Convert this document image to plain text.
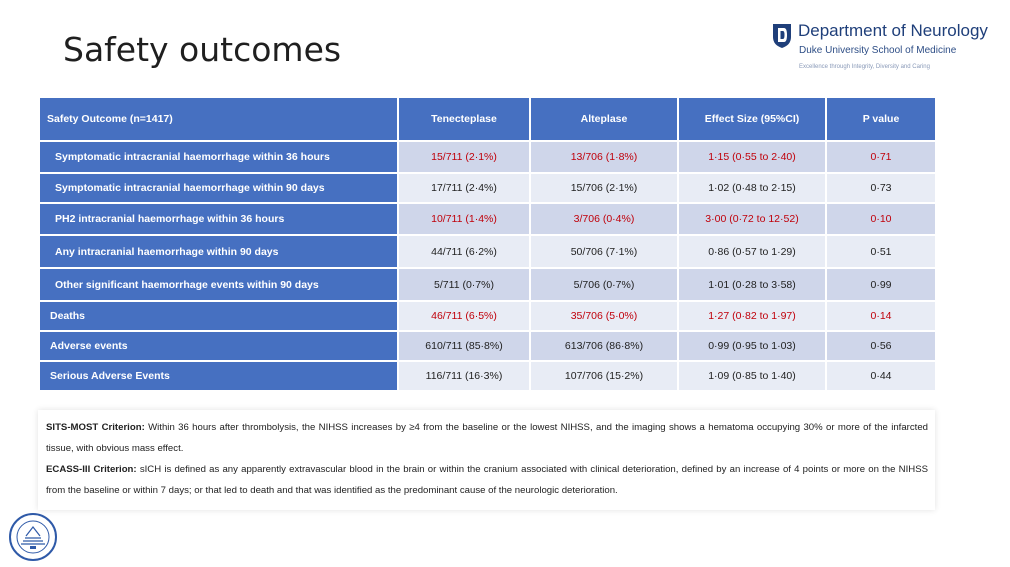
Safety outcomes	Department of Neurology
Duke University School of Medicine
Excellence through Integrity, Diversity and Caring
Safety Outcome (n=1417)	Tenecteplase	Alteplase	Effect Size (95%CI)	P value
Symptomatic intracranial haemorrhage within 36 hours	15/711 (2·1%)	13/706 (1·8%)	1·15 (0·55 to 2·40)	0·71
Symptomatic intracranial haemorrhage within 90 days	17/711 (2·4%)	15/706 (2·1%)	1·02 (0·48 to 2·15)	0·73
PH2 intracranial haemorrhage within 36 hours	10/711 (1·4%)	3/706 (0·4%)	3·00 (0·72 to 12·52)	0·10
Any intracranial haemorrhage within 90 days	44/711 (6·2%)	50/706 (7·1%)	0·86 (0·57 to 1·29)	0·51
Other significant haemorrhage events within 90 days	5/711 (0·7%)	5/706 (0·7%)	1·01 (0·28 to 3·58)	0·99
Deaths	46/711 (6·5%)	35/706 (5·0%)	1·27 (0·82 to 1·97)	0·14
Adverse events	610/711 (85·8%)	613/706 (86·8%)	0·99 (0·95 to 1·03)	0·56
Serious Adverse Events	116/711 (16·3%)	107/706 (15·2%)	1·09 (0·85 to 1·40)	0·44

SITS-MOST Criterion: Within 36 hours after thrombolysis, the NIHSS increases by ≥4 from the baseline or the lowest NIHSS, and the imaging shows a hematoma occupying 30% or more of the infarcted tissue, with obvious mass effect.

ECASS-III Criterion: sICH is defined as any apparently extravascular blood in the brain or within the cranium associated with clinical deterioration, defined by an increase of 4 points or more on the NIHSS from the baseline or within 7 days; or that led to death and that was identified as the predominant cause of the neurologic deterioration.
